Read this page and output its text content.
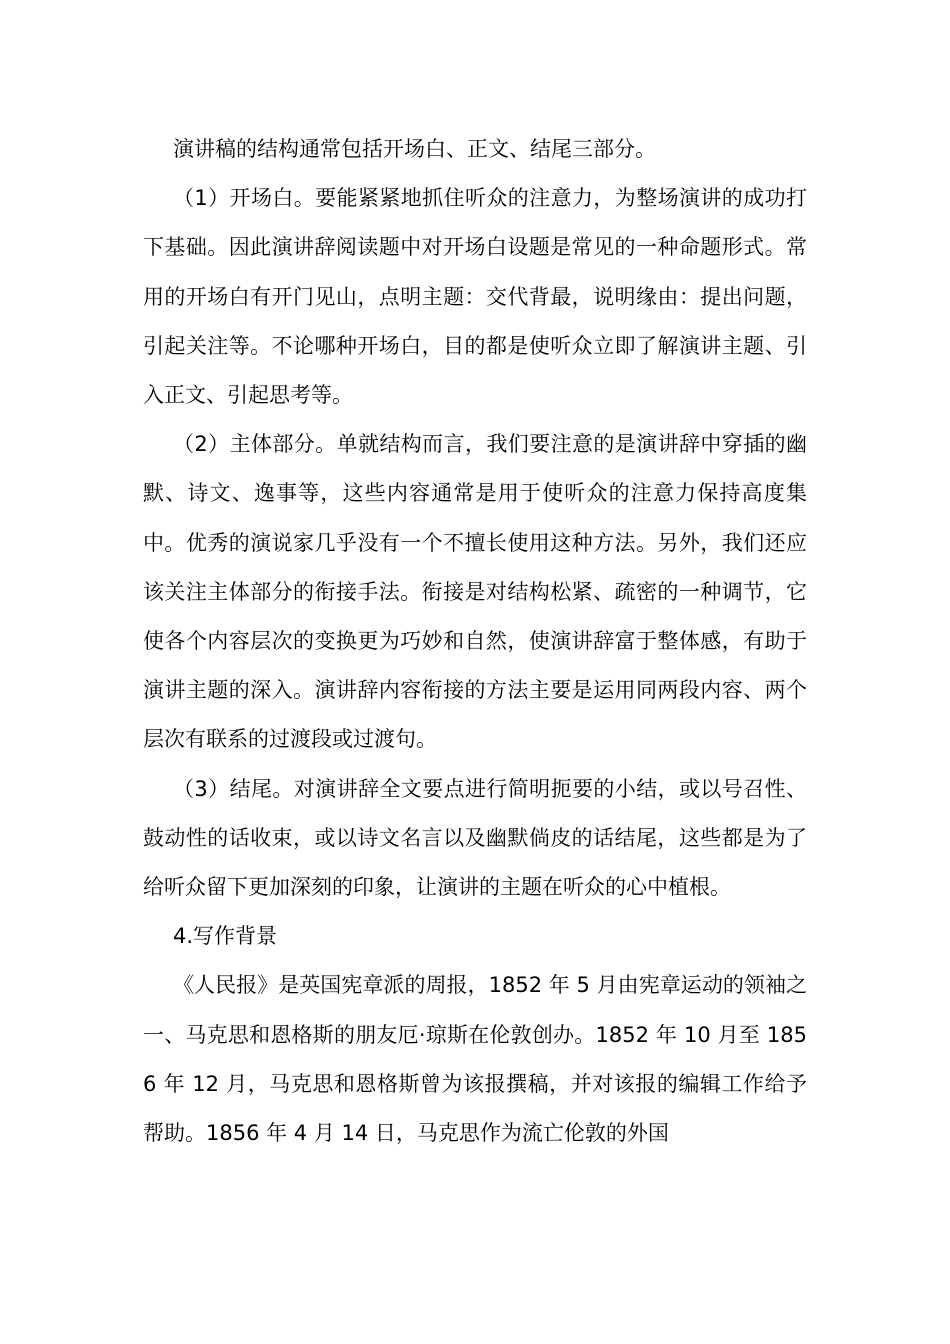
演讲稿的结构通常包括开场白、正文、结尾三部分。

（1）开场白。要能紧紧地抓住听众的注意力，为整场演讲的成功打下基础。因此演讲辞阅读题中对开场白设题是常见的一种命题形式。常用的开场白有开门见山，点明主题：交代背最，说明缘由：提出问题，引起关注等。不论哪种开场白，目的都是使听众立即了解演讲主题、引入正文、引起思考等。

（2）主体部分。单就结构而言，我们要注意的是演讲辞中穿插的幽默、诗文、逸事等，这些内容通常是用于使听众的注意力保持高度集中。优秀的演说家几乎没有一个不擅长使用这种方法。另外，我们还应该关注主体部分的衔接手法。衔接是对结构松紧、疏密的一种调节，它使各个内容层次的变换更为巧妙和自然，使演讲辞富于整体感，有助于演讲主题的深入。演讲辞内容衔接的方法主要是运用同两段内容、两个层次有联系的过渡段或过渡句。

（3）结尾。对演讲辞全文要点进行简明扼要的小结，或以号召性、鼓动性的话收束，或以诗文名言以及幽默倘皮的话结尾，这些都是为了给听众留下更加深刻的印象，让演讲的主题在听众的心中植根。

4.写作背景

《人民报》是英国宪章派的周报，1852 年 5 月由宪章运动的领袖之一、马克思和恩格斯的朋友厄·琼斯在伦敦创办。1852 年 10 月至 1856 年 12 月，马克思和恩格斯曾为该报撰稿，并对该报的编辑工作给予帮助。1856 年 4 月 14 日，马克思作为流亡伦敦的外国
